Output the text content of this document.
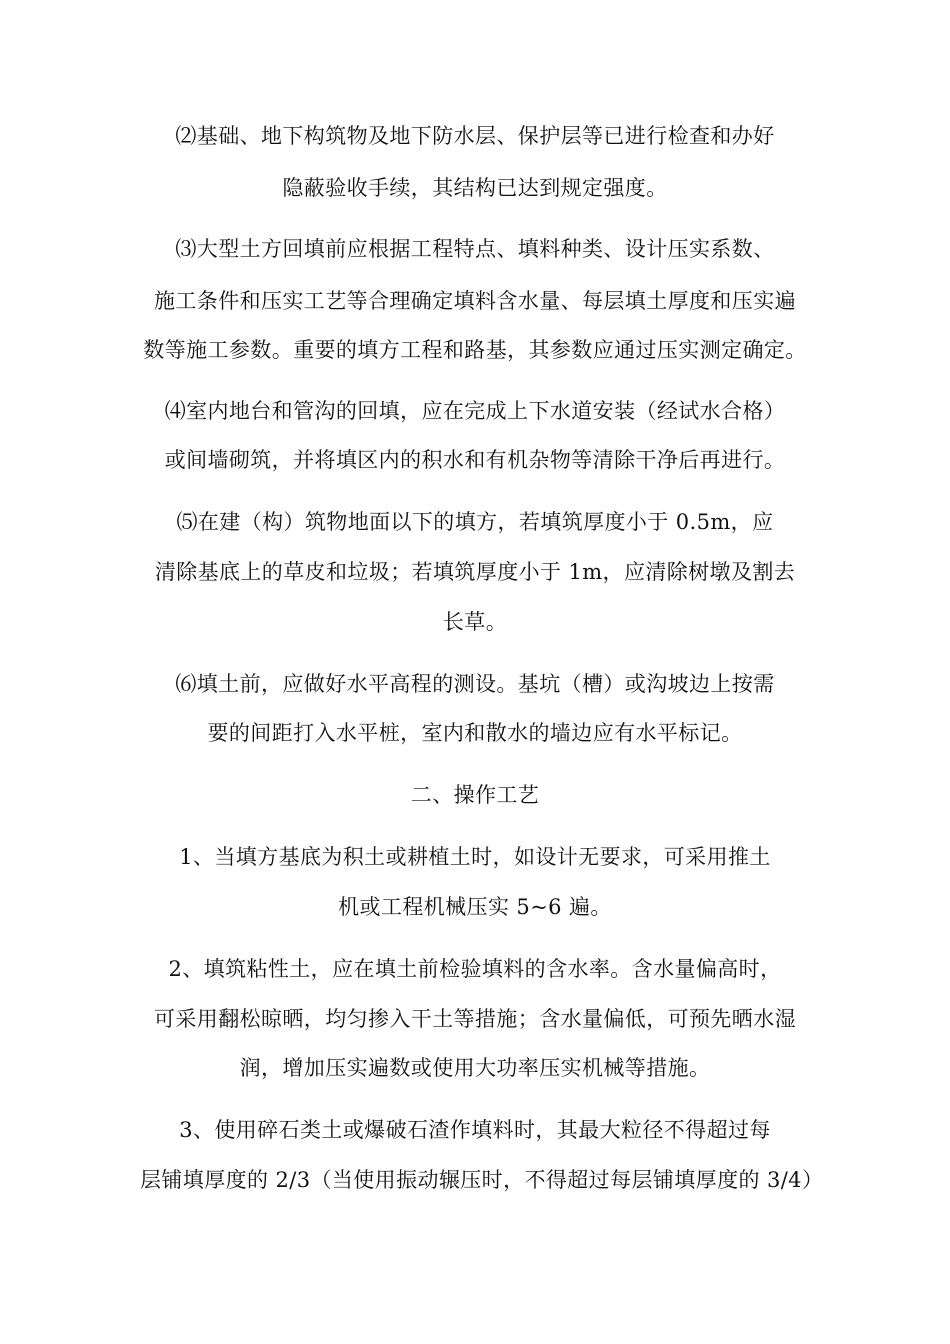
⑵基础、地下构筑物及地下防水层、保护层等已进行检查和办好
隐蔽验收手续，其结构已达到规定强度。
⑶大型土方回填前应根据工程特点、填料种类、设计压实系数、
施工条件和压实工艺等合理确定填料含水量、每层填土厚度和压实遍
数等施工参数。重要的填方工程和路基，其参数应通过压实测定确定。
⑷室内地台和管沟的回填，应在完成上下水道安装（经试水合格）
或间墙砌筑，并将填区内的积水和有机杂物等清除干净后再进行。
⑸在建（构）筑物地面以下的填方，若填筑厚度小于 0.5m，应
清除基底上的草皮和垃圾；若填筑厚度小于 1m，应清除树墩及割去
长草。
⑹填土前，应做好水平高程的测设。基坑（槽）或沟坡边上按需
要的间距打入水平桩，室内和散水的墙边应有水平标记。
二、操作工艺
1、当填方基底为积土或耕植土时，如设计无要求，可采用推土
机或工程机械压实 5~6 遍。
2、填筑粘性土，应在填土前检验填料的含水率。含水量偏高时，
可采用翻松晾晒，均匀掺入干土等措施；含水量偏低，可预先晒水湿
润，增加压实遍数或使用大功率压实机械等措施。
3、使用碎石类土或爆破石渣作填料时，其最大粒径不得超过每
层铺填厚度的 2/3（当使用振动辗压时，不得超过每层铺填厚度的 3/4）
